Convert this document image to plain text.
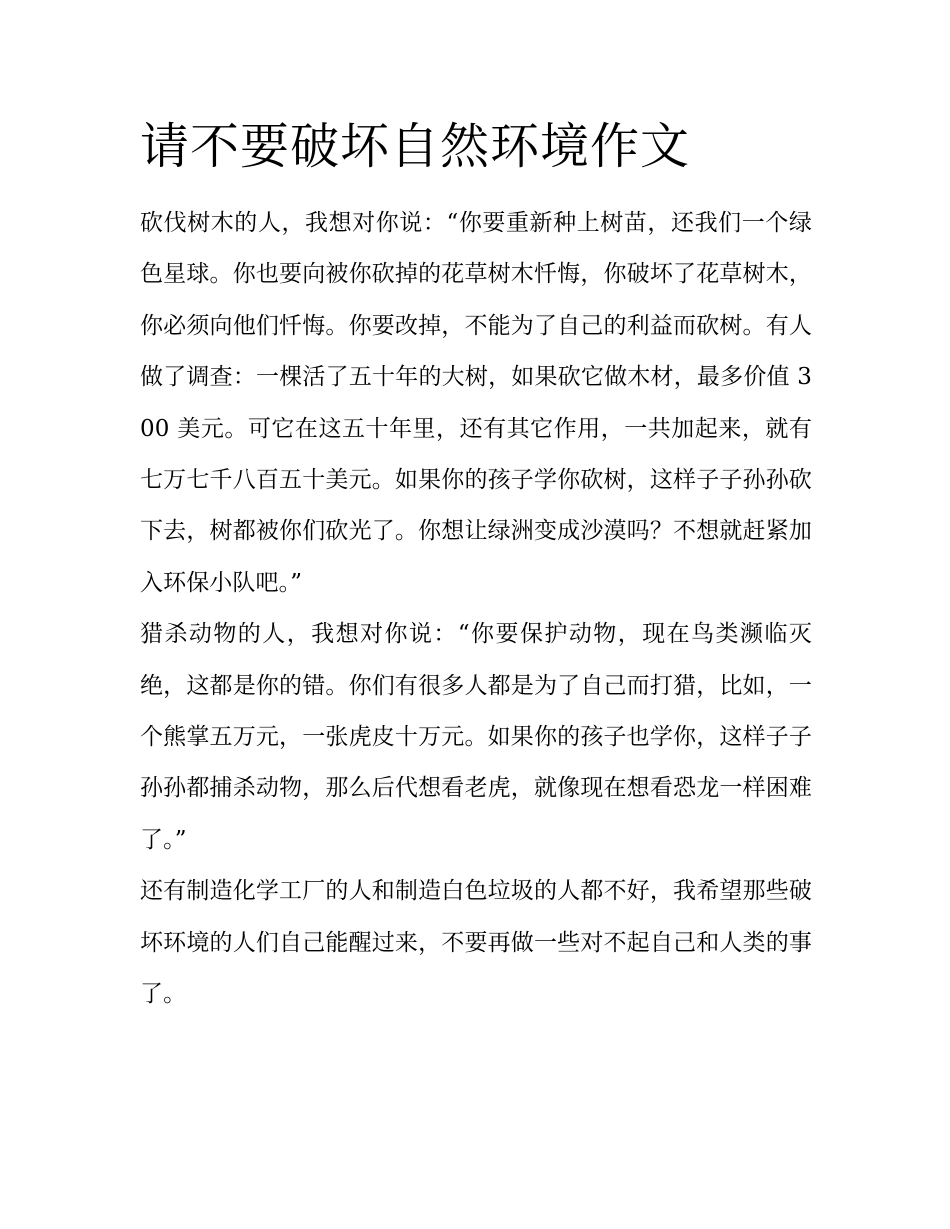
请不要破坏自然环境作文

砍伐树木的人，我想对你说：“你要重新种上树苗，还我们一个绿色星球。你也要向被你砍掉的花草树木忏悔，你破坏了花草树木，你必须向他们忏悔。你要改掉，不能为了自己的利益而砍树。有人做了调查：一棵活了五十年的大树，如果砍它做木材，最多价值 300 美元。可它在这五十年里，还有其它作用，一共加起来，就有七万七千八百五十美元。如果你的孩子学你砍树，这样子子孙孙砍下去，树都被你们砍光了。你想让绿洲变成沙漠吗？不想就赶紧加入环保小队吧。”

猎杀动物的人，我想对你说：“你要保护动物，现在鸟类濒临灭绝，这都是你的错。你们有很多人都是为了自己而打猎，比如，一个熊掌五万元，一张虎皮十万元。如果你的孩子也学你，这样子子孙孙都捕杀动物，那么后代想看老虎，就像现在想看恐龙一样困难了。”

还有制造化学工厂的人和制造白色垃圾的人都不好，我希望那些破坏环境的人们自己能醒过来，不要再做一些对不起自己和人类的事了。
